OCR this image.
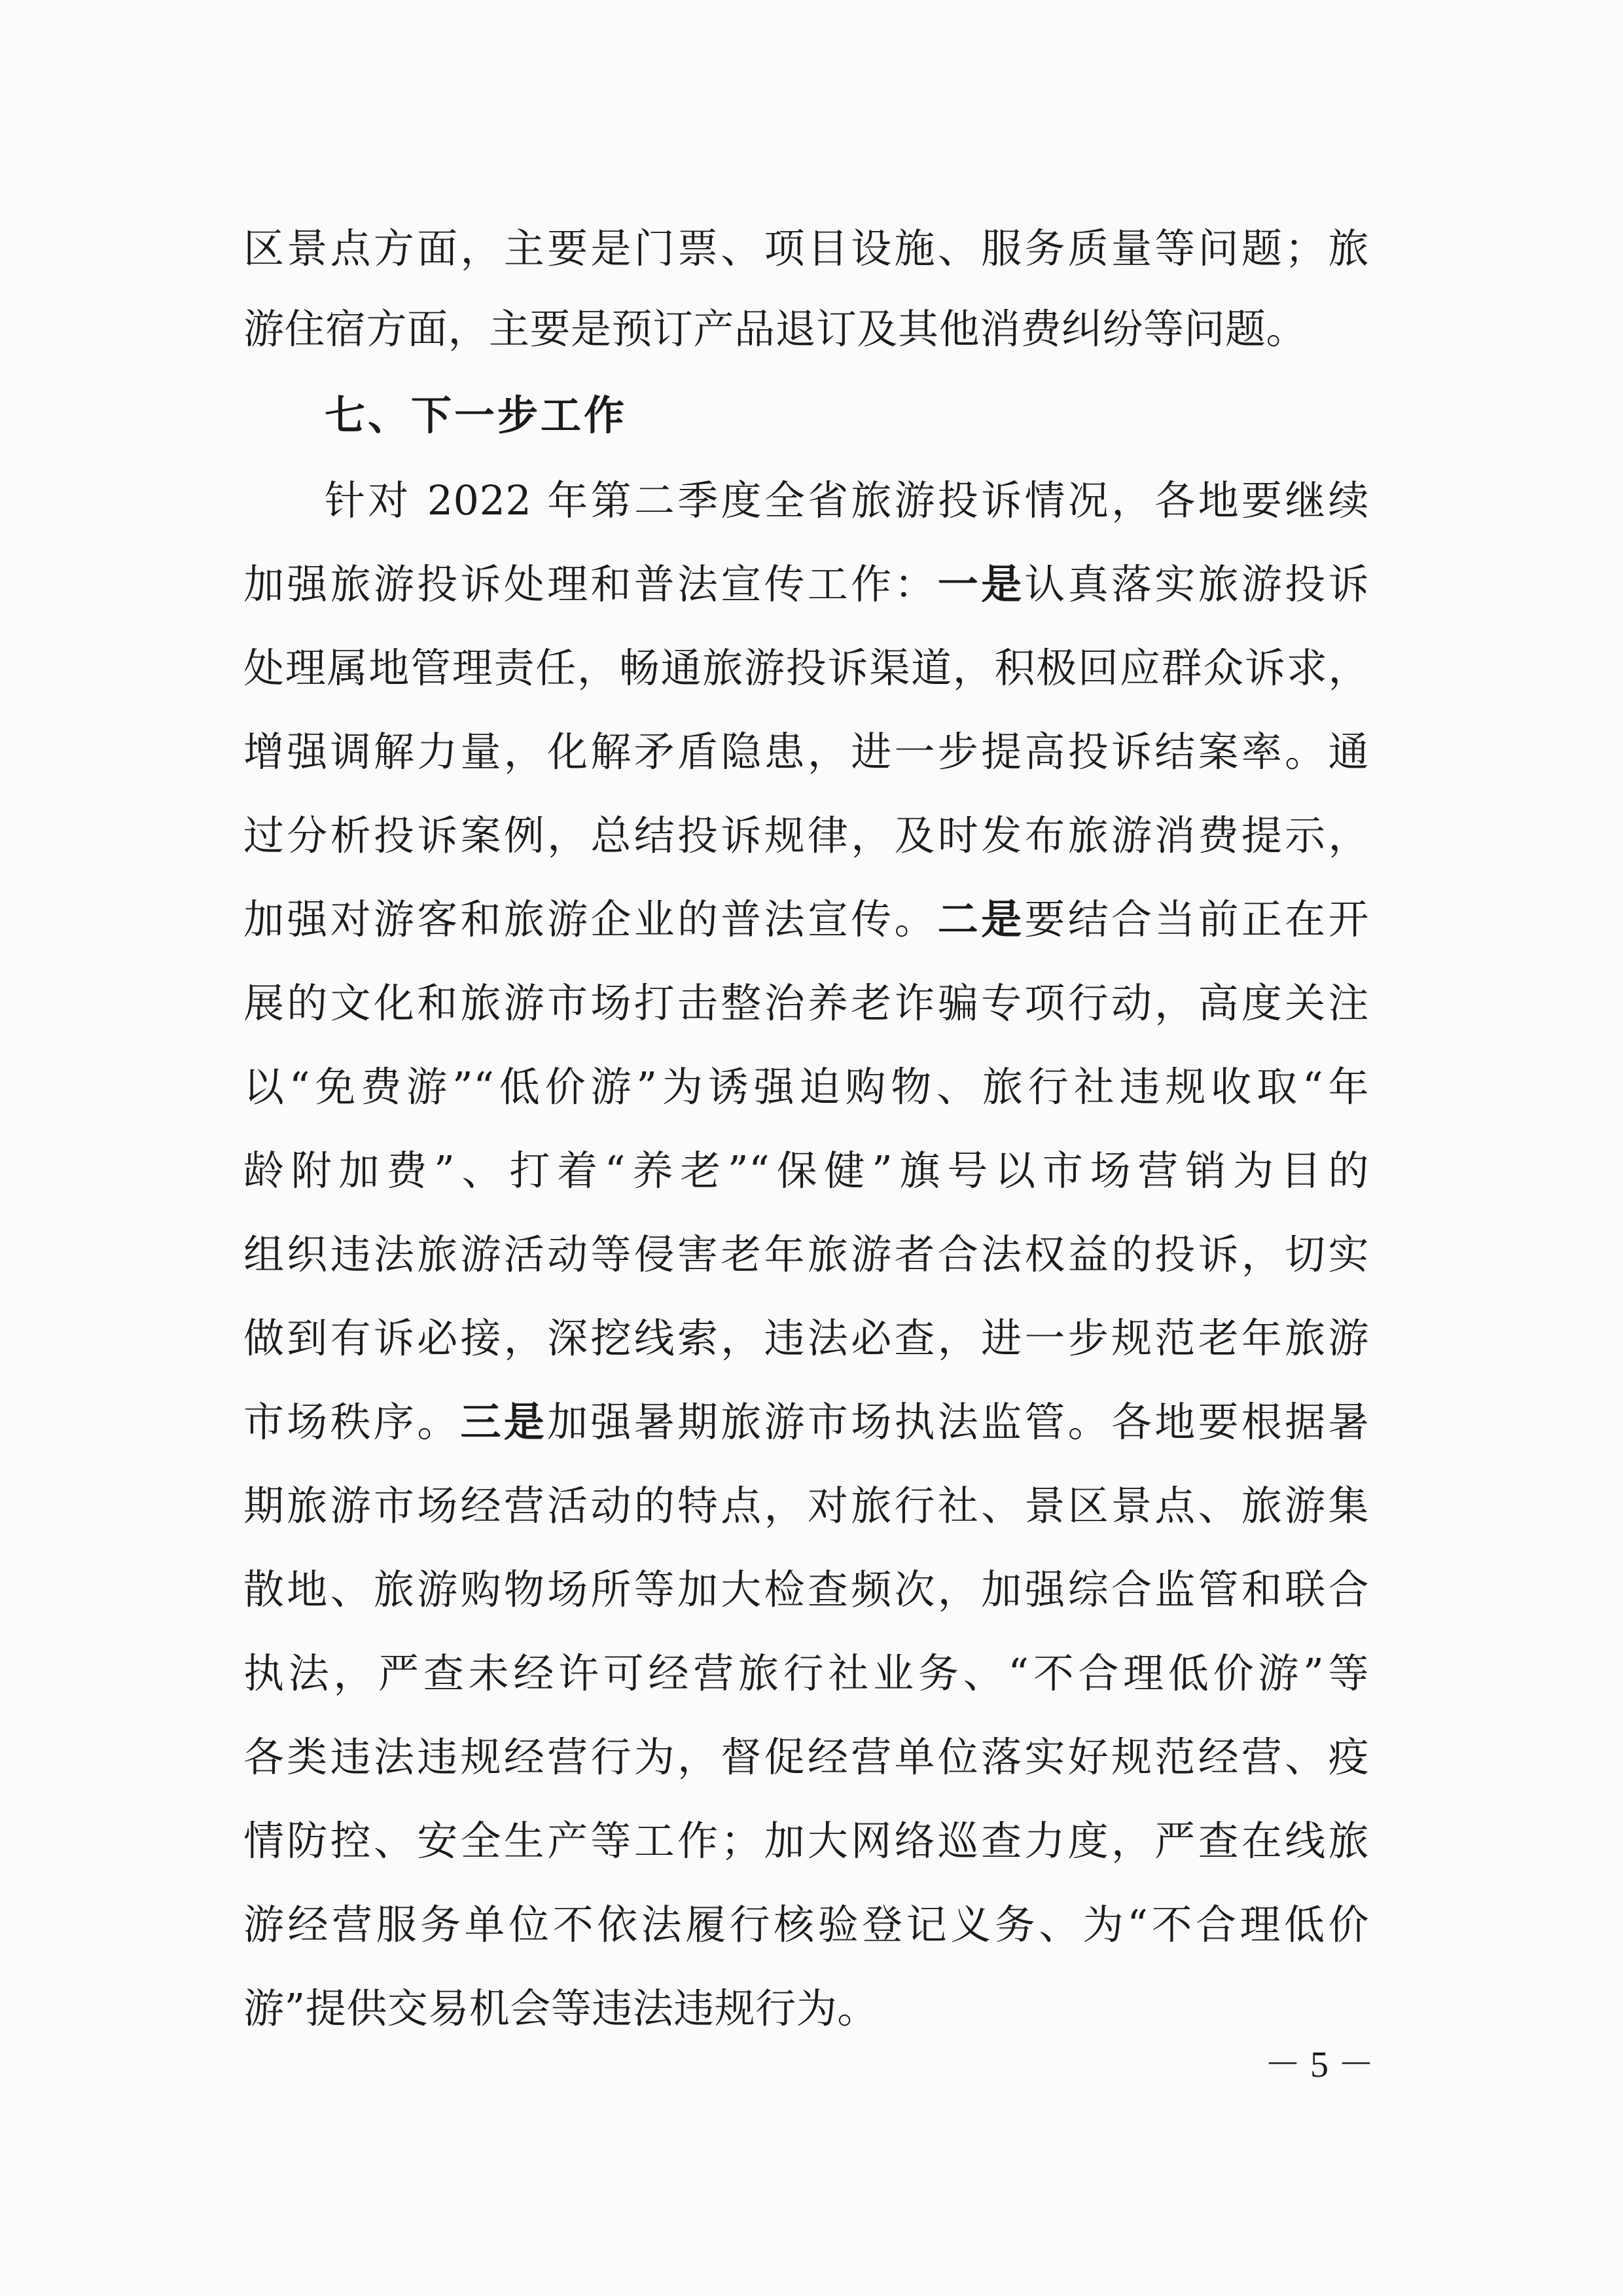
区景点方面，主要是门票、项目设施、服务质量等问题；旅
游住宿方面，主要是预订产品退订及其他消费纠纷等问题。
七、下一步工作
针对 2022 年第二季度全省旅游投诉情况，各地要继续
加强旅游投诉处理和普法宣传工作：一是认真落实旅游投诉
处理属地管理责任，畅通旅游投诉渠道，积极回应群众诉求，
增强调解力量，化解矛盾隐患，进一步提高投诉结案率。通
过分析投诉案例，总结投诉规律，及时发布旅游消费提示，
加强对游客和旅游企业的普法宣传。二是要结合当前正在开
展的文化和旅游市场打击整治养老诈骗专项行动，高度关注
以“免费游”“低价游”为诱强迫购物、旅行社违规收取“年
龄附加费”、打着“养老”“保健”旗号以市场营销为目的
组织违法旅游活动等侵害老年旅游者合法权益的投诉，切实
做到有诉必接，深挖线索，违法必查，进一步规范老年旅游
市场秩序。三是加强暑期旅游市场执法监管。各地要根据暑
期旅游市场经营活动的特点，对旅行社、景区景点、旅游集
散地、旅游购物场所等加大检查频次，加强综合监管和联合
执法，严查未经许可经营旅行社业务、“不合理低价游”等
各类违法违规经营行为，督促经营单位落实好规范经营、疫
情防控、安全生产等工作；加大网络巡查力度，严查在线旅
游经营服务单位不依法履行核验登记义务、为“不合理低价
游”提供交易机会等违法违规行为。
－ 5 －
